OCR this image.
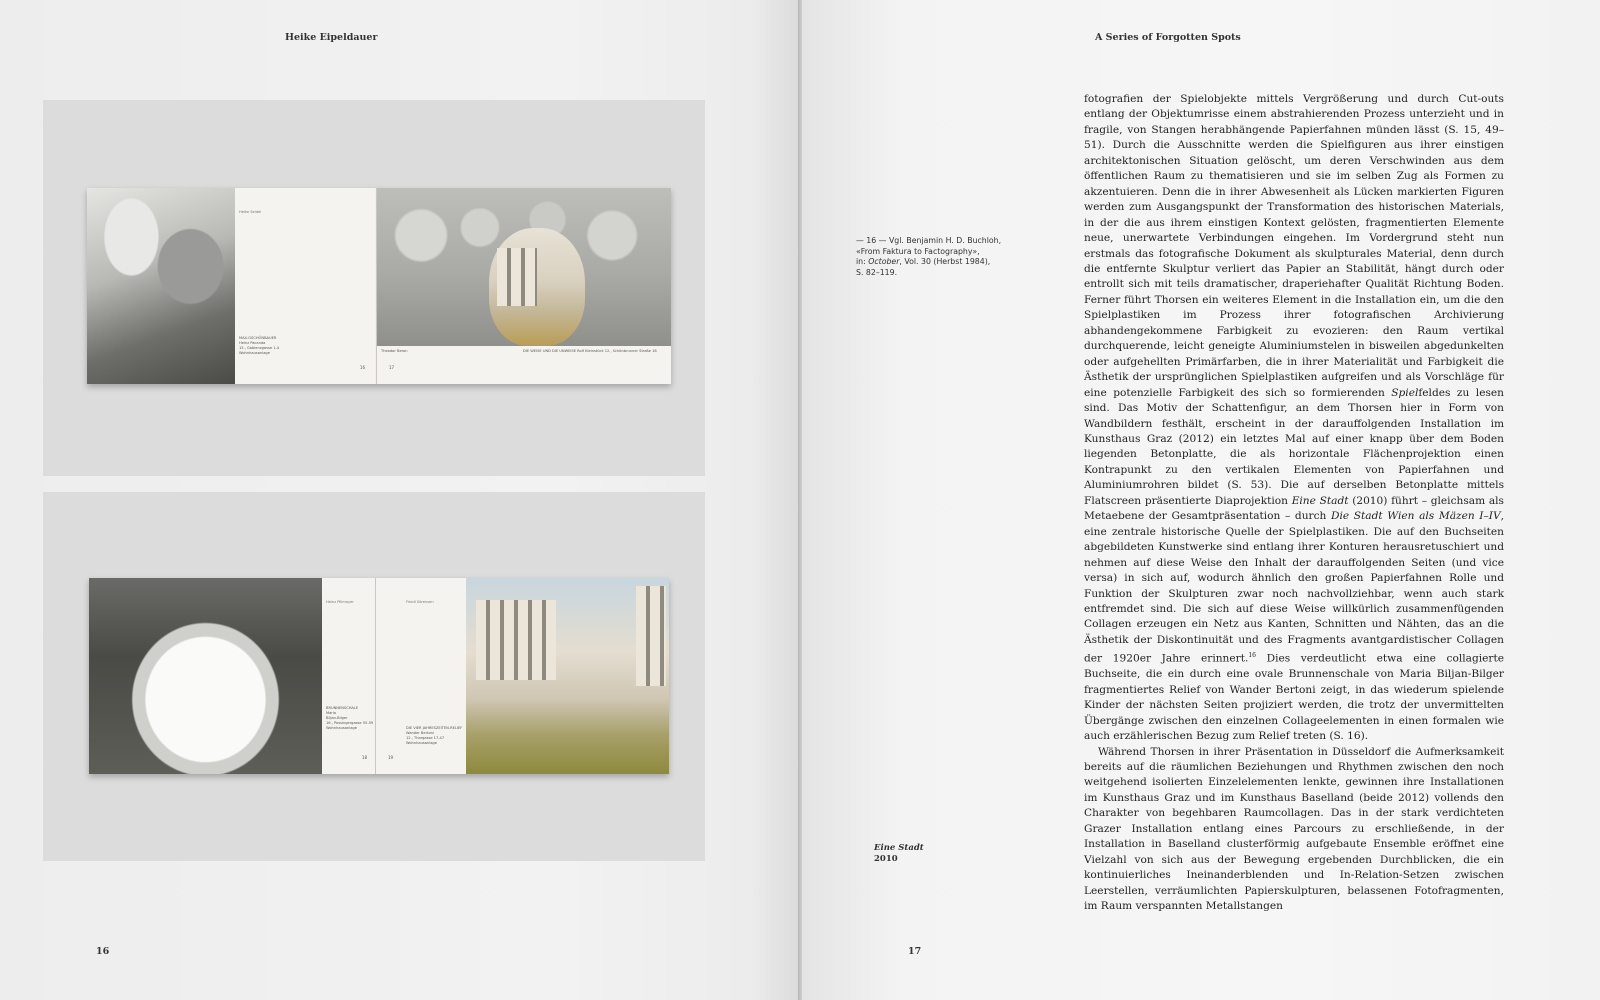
Heike Eipeldauer
Heike Seidel
MAX-GSCHÖNBAUER
Heinz Pacanda
15., Gablenzgasse 1-4
Wohnhausanlage
16
Theodor Beron	DIE WEISE UND DIE UNWEISE Rolf Kleinstück 12., Schönbrunner Straße 18
17
Heinz Pillmayer
BRUNNENSCHALE
Maria
Biljan-Bilger
16., Possingergasse 55-59
Wohnhausanlage
18
Friedl Sörensen
DIE VIER JAHRESZEITEN-RELIEF
Wander Bertoni
12., Thorgasse 17-47
Wohnhausanlage
19
16
A Series of Forgotten Spots
— 16 — Vgl. Benjamin H. D. Buchloh,
«From Faktura to Factography»,
in: October, Vol. 30 (Herbst 1984),
S. 82–119.

fotografien der Spielobjekte mittels Vergrößerung und durch Cut-outs entlang der Objektumrisse einem abstrahierenden Prozess unterzieht und in fragile, von Stangen herabhängende Papierfahnen münden lässt (S. 15, 49–51). Durch die Ausschnitte werden die Spielfiguren aus ihrer einstigen architektonischen Situation gelöscht, um deren Verschwinden aus dem öffentlichen Raum zu thematisieren und sie im selben Zug als Formen zu akzentuieren. Denn die in ihrer Abwesenheit als Lücken markierten Figuren werden zum Ausgangspunkt der Transformation des historischen Materials, in der die aus ihrem einstigen Kontext gelösten, fragmentierten Elemente neue, unerwartete Verbindungen eingehen. Im Vordergrund steht nun erstmals das fotografische Dokument als skulpturales Material, denn durch die entfernte Skulptur verliert das Papier an Stabilität, hängt durch oder entrollt sich mit teils dramatischer, draperiehafter Qualität Richtung Boden. Ferner führt Thorsen ein weiteres Element in die Installation ein, um die den Spielplastiken im Prozess ihrer fotografischen Archivierung abhandengekommene Farbigkeit zu evozieren: den Raum vertikal durchquerende, leicht geneigte Aluminiumstelen in bisweilen abgedunkelten oder aufgehellten Primärfarben, die in ihrer Materialität und Farbigkeit die Ästhetik der ursprünglichen Spielplastiken aufgreifen und als Vorschläge für eine potenzielle Farbigkeit des sich so formierenden Spielfeldes zu lesen sind. Das Motiv der Schattenfigur, an dem Thorsen hier in Form von Wandbildern festhält, erscheint in der darauffolgenden Installation im Kunsthaus Graz (2012) ein letztes Mal auf einer knapp über dem Boden liegenden Betonplatte, die als horizontale Flächenprojektion einen Kontrapunkt zu den vertikalen Elementen von Papierfahnen und Aluminiumrohren bildet (S. 53). Die auf derselben Betonplatte mittels Flatscreen präsentierte Diaprojektion Eine Stadt (2010) führt – gleichsam als Metaebene der Gesamtpräsentation – durch Die Stadt Wien als Mäzen I–IV, eine zentrale historische Quelle der Spielplastiken. Die auf den Buchseiten abgebildeten Kunstwerke sind entlang ihrer Konturen herausretuschiert und nehmen auf diese Weise den Inhalt der darauffolgenden Seiten (und vice versa) in sich auf, wodurch ähnlich den großen Papierfahnen Rolle und Funktion der Skulpturen zwar noch nachvollziehbar, wenn auch stark entfremdet sind. Die sich auf diese Weise willkürlich zusammenfügenden Collagen erzeugen ein Netz aus Kanten, Schnitten und Nähten, das an die Ästhetik der Diskontinuität und des Fragments avantgardistischer Collagen der 1920er Jahre erinnert.$^{16}$ Dies verdeutlicht etwa eine collagierte Buchseite, die ein durch eine ovale Brunnenschale von Maria Biljan-Bilger fragmentiertes Relief von Wander Bertoni zeigt, in das wiederum spielende Kinder der nächsten Seiten projiziert werden, die trotz der unvermittelten Übergänge zwischen den einzelnen Collageelementen in einen formalen wie auch erzählerischen Bezug zum Relief treten (S. 16).

Während Thorsen in ihrer Präsentation in Düsseldorf die Aufmerksamkeit bereits auf die räumlichen Beziehungen und Rhythmen zwischen den noch weitgehend isolierten Einzelelementen lenkte, gewinnen ihre Installationen im Kunsthaus Graz und im Kunsthaus Baselland (beide 2012) vollends den Charakter von begehbaren Raumcollagen. Das in der stark verdichteten Grazer Installation entlang eines Parcours zu erschließende, in der Installation in Baselland clusterförmig aufgebaute Ensemble eröffnet eine Vielzahl von sich aus der Bewegung ergebenden Durchblicken, die ein kontinuierliches Ineinanderblenden und In-Relation-Setzen zwischen Leerstellen, verräumlichten Papierskulpturen, belassenen Fotofragmenten, im Raum verspannten Metallstangen

Eine Stadt
2010
17
